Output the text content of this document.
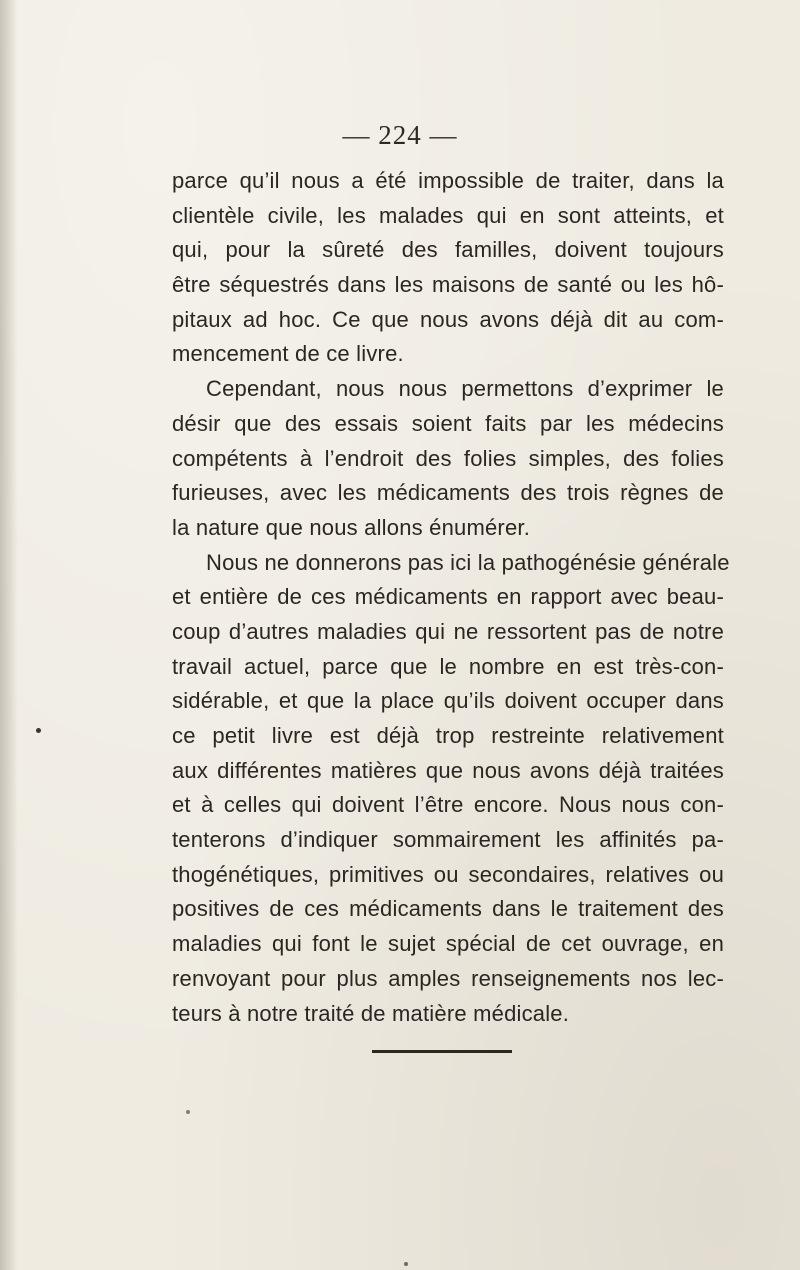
— 224 —
parce qu’il nous a été impossible de traiter, dans la
clientèle civile, les malades qui en sont atteints, et
qui, pour la sûreté des familles, doivent toujours
être séquestrés dans les maisons de santé ou les hô-
pitaux ad hoc. Ce que nous avons déjà dit au com-
mencement de ce livre.
Cependant, nous nous permettons d’exprimer le
désir que des essais soient faits par les médecins
compétents à l’endroit des folies simples, des folies
furieuses, avec les médicaments des trois règnes de
la nature que nous allons énumérer.
Nous ne donnerons pas ici la pathogénésie générale
et entière de ces médicaments en rapport avec beau-
coup d’autres maladies qui ne ressortent pas de notre
travail actuel, parce que le nombre en est très-con-
sidérable, et que la place qu’ils doivent occuper dans
ce petit livre est déjà trop restreinte relativement
aux différentes matières que nous avons déjà traitées
et à celles qui doivent l’être encore. Nous nous con-
tenterons d’indiquer sommairement les affinités pa-
thogénétiques, primitives ou secondaires, relatives ou
positives de ces médicaments dans le traitement des
maladies qui font le sujet spécial de cet ouvrage, en
renvoyant pour plus amples renseignements nos lec-
teurs à notre traité de matière médicale.
